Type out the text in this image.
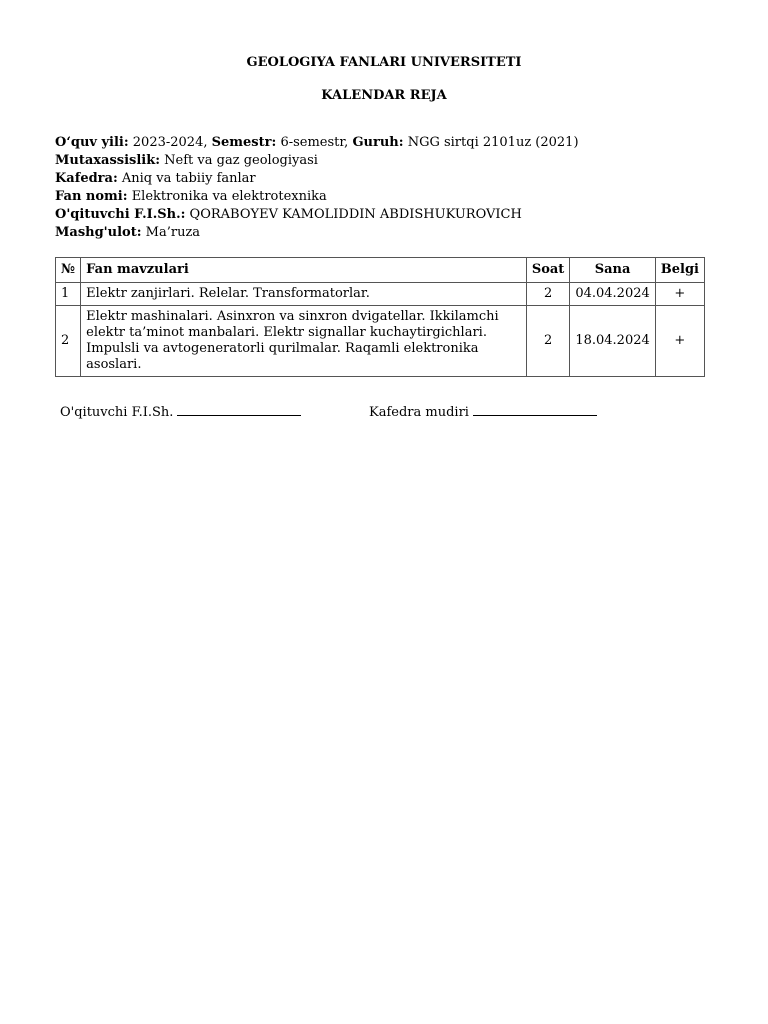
GEOLOGIYA FANLARI UNIVERSITETI
KALENDAR REJA
O‘quv yili: 2023-2024, Semestr: 6-semestr, Guruh: NGG sirtqi 2101uz (2021)
Mutaxassislik: Neft va gaz geologiyasi
Kafedra: Aniq va tabiiy fanlar
Fan nomi: Elektronika va elektrotexnika
O'qituvchi F.I.Sh.: QORABOYEV KAMOLIDDIN ABDISHUKUROVICH
Mashg'ulot: Ma’ruza
№	Fan mavzulari	Soat	Sana	Belgi
1	Elektr zanjirlari. Relelar. Transformatorlar.	2	04.04.2024	+
2	Elektr mashinalari. Asinxron va sinxron dvigatellar. Ikkilamchi elektr ta’minot manbalari. Elektr signallar kuchaytirgichlari. Impulsli va avtogeneratorli qurilmalar. Raqamli elektronika asoslari.	2	18.04.2024	+
O'qituvchi F.I.Sh.	Kafedra mudiri
